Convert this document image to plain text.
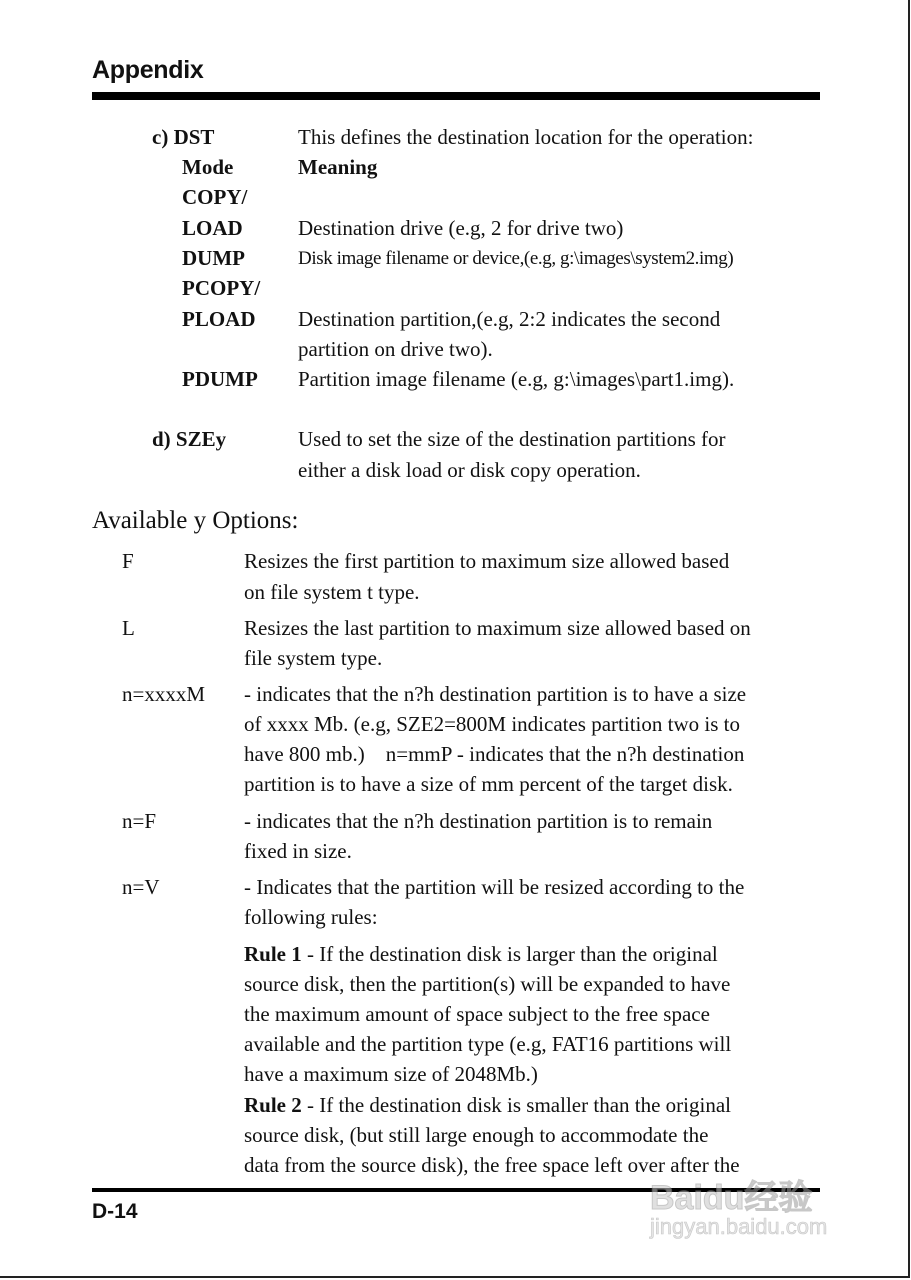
Appendix
c) DST	This defines the destination location for the operation:
Mode	Meaning
COPY/
LOAD	Destination drive (e.g, 2 for drive two)
DUMP	Disk image filename or device,(e.g, g:\images\system2.img)
PCOPY/
PLOAD Destination partition,(e.g, 2:2 indicates the second
partition on drive two).
PDUMP Partition image filename (e.g, g:\images\part1.img).
d) SZEy	Used to set the size of the destination partitions for
either a disk load or disk copy operation.
Available y Options:
F	Resizes the first partition to maximum size allowed based
on file system t type.
L	Resizes the last partition to maximum size allowed based on
file system type.
n=xxxxM - indicates that the n?h destination partition is to have a size
of xxxx Mb. (e.g, SZE2=800M indicates partition two is to
have 800 mb.)    n=mmP - indicates that the n?h destination
partition is to have a size of mm percent of the target disk.
n=F	- indicates that the n?h destination partition is to remain
fixed in size.
n=V	- Indicates that the partition will be resized according to the
following rules:
Rule 1 - If the destination disk is larger than the original
source disk, then the partition(s) will be expanded to have
the maximum amount of space subject to the free space
available and the partition type (e.g, FAT16 partitions will
have a maximum size of 2048Mb.)
Rule 2 - If the destination disk is smaller than the original
source disk, (but still large enough to accommodate the
data from the source disk), the free space left over after the
D-14	Baidu经验
jingyan.baidu.com
